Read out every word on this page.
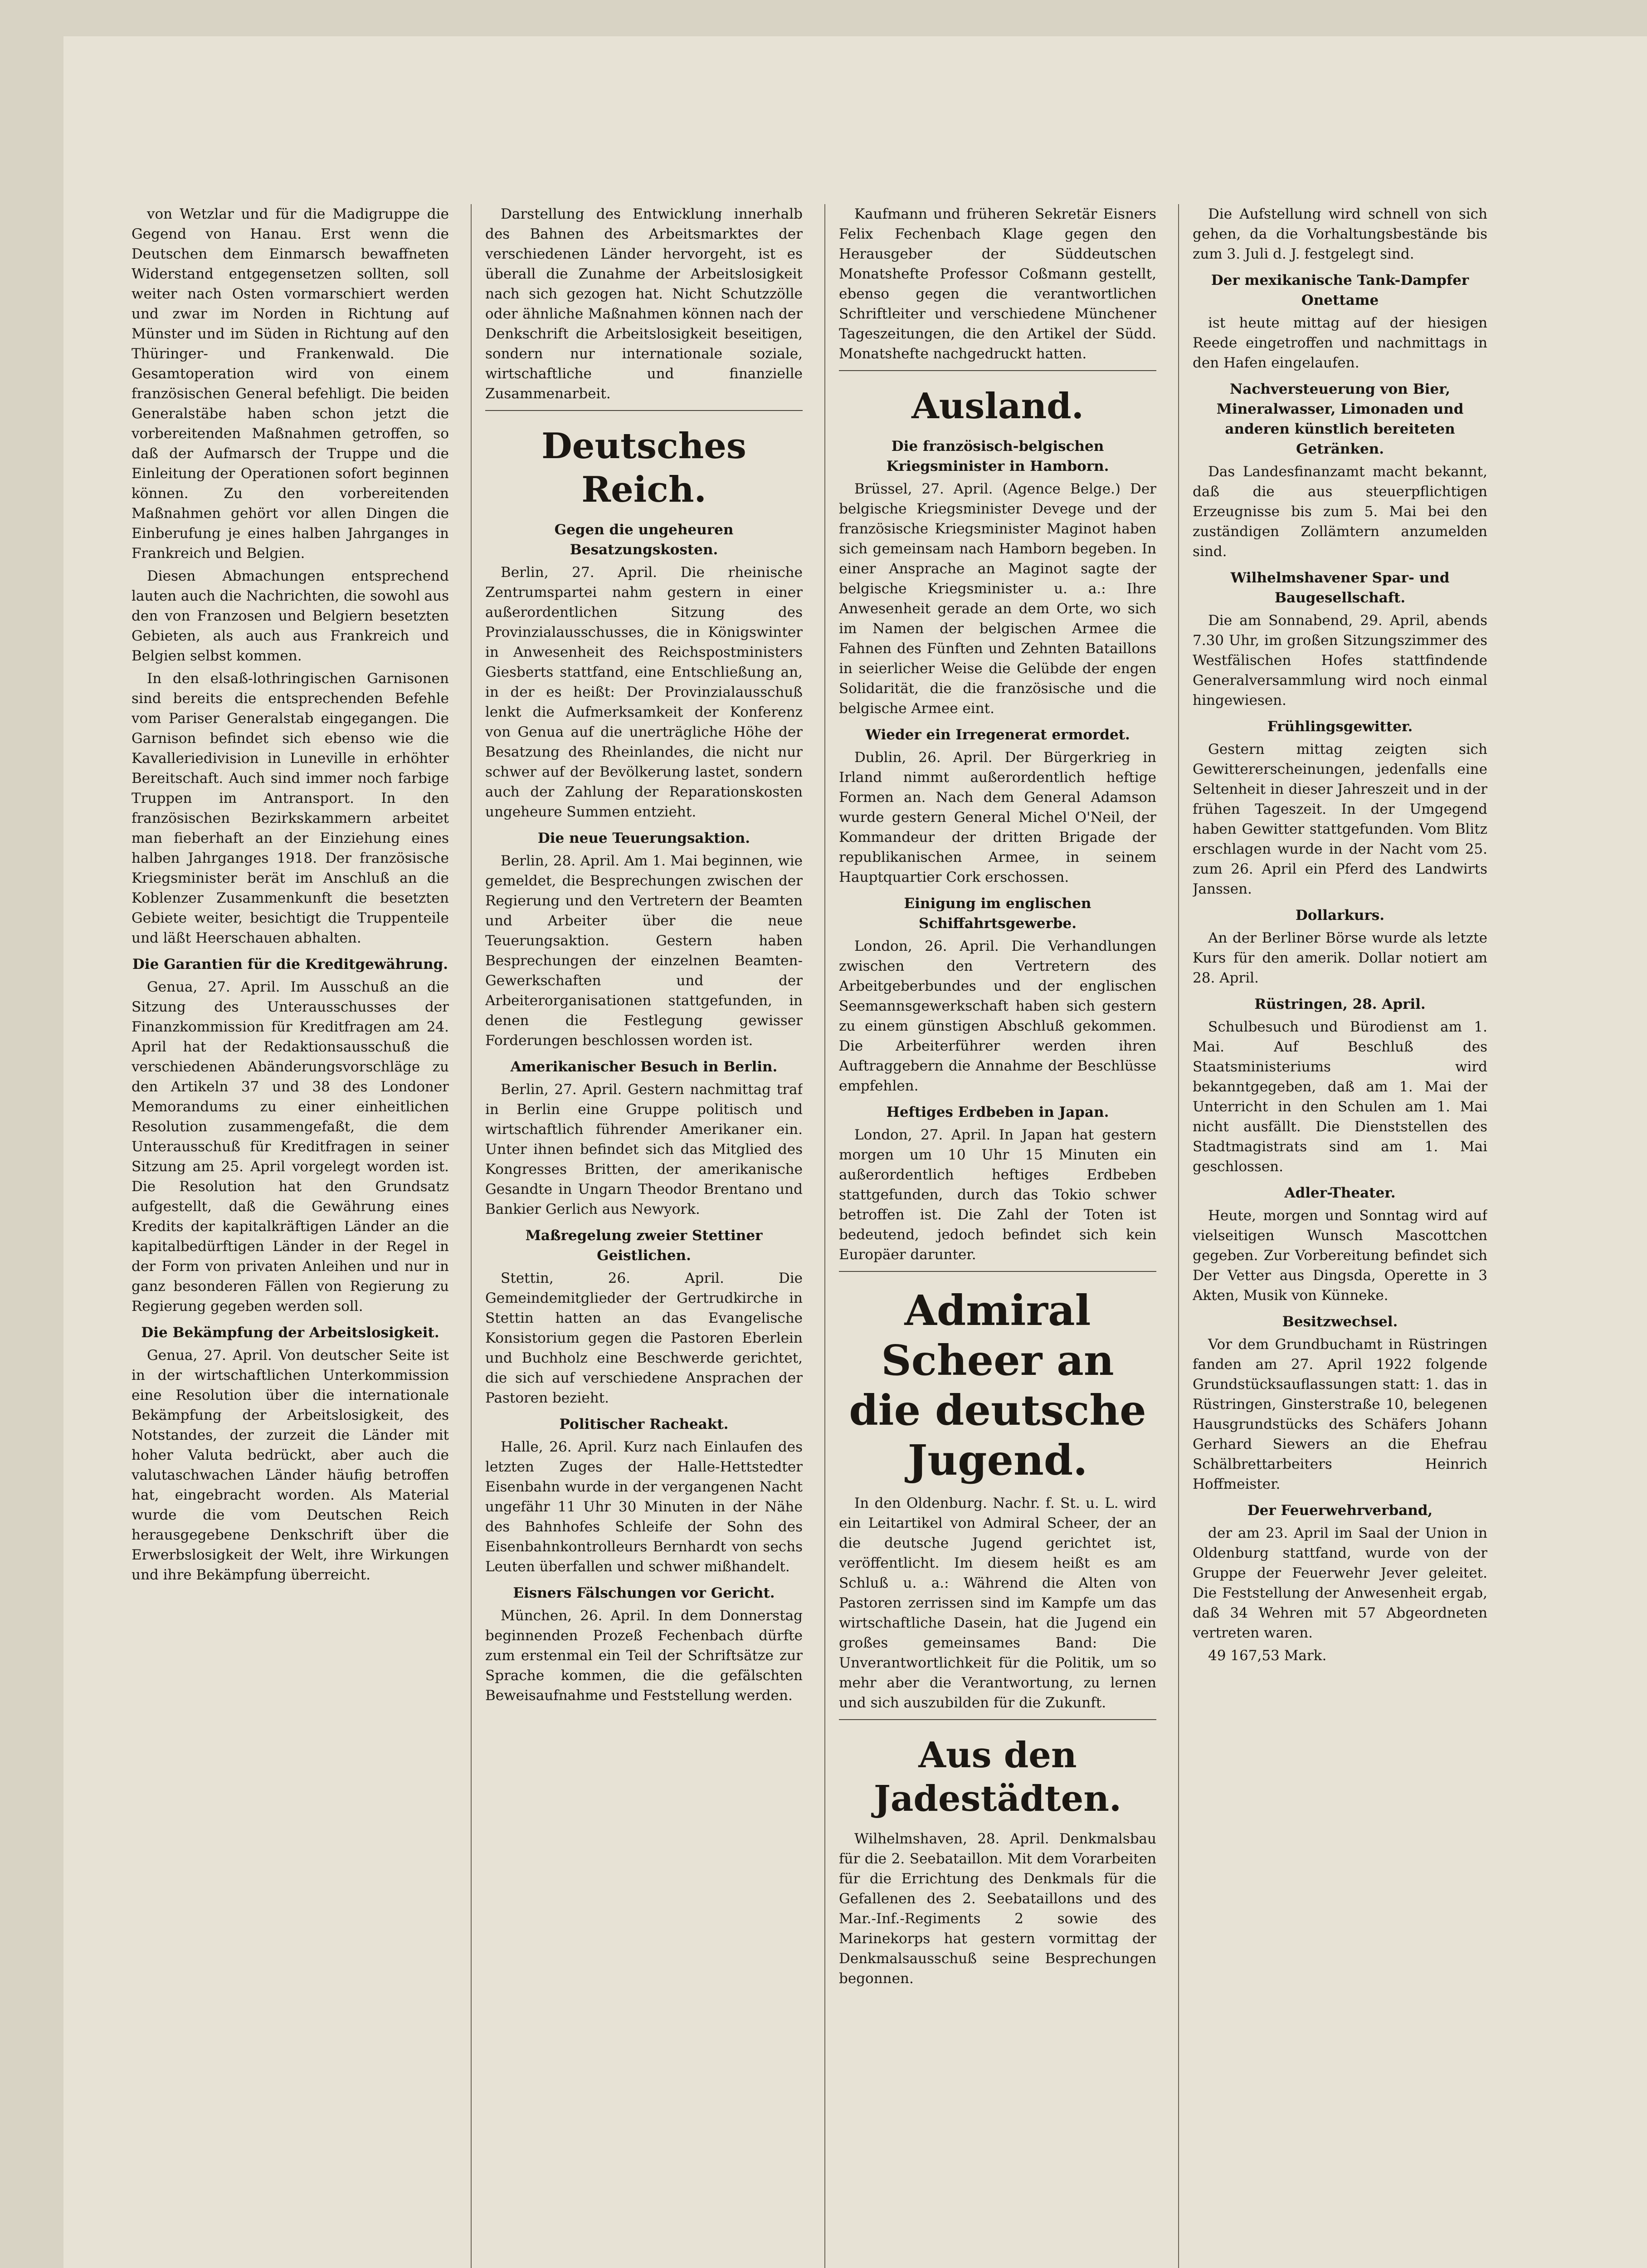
von Wetzlar und für die Madigruppe die Gegend von Hanau. Erst wenn die Deutschen dem Einmarsch bewaffneten Widerstand entgegensetzen sollten, soll weiter nach Osten vormarschiert werden und zwar im Norden in Richtung auf Münster und im Süden in Richtung auf den Thüringer- und Frankenwald. Die Gesamtoperation wird von einem französischen General befehligt. Die beiden Generalstäbe haben schon jetzt die vorbereitenden Maßnahmen getroffen, so daß der Aufmarsch der Truppe und die Einleitung der Operationen sofort beginnen können. Zu den vorbereitenden Maßnahmen gehört vor allen Dingen die Einberufung je eines halben Jahrganges in Frankreich und Belgien.

Diesen Abmachungen entsprechend lauten auch die Nachrichten, die sowohl aus den von Franzosen und Belgiern besetzten Gebieten, als auch aus Frankreich und Belgien selbst kommen.

In den elsaß-lothringischen Garnisonen sind bereits die entsprechenden Befehle vom Pariser Generalstab eingegangen. Die Garnison befindet sich ebenso wie die Kavalleriedivision in Luneville in erhöhter Bereitschaft. Auch sind immer noch farbige Truppen im Antransport. In den französischen Bezirkskammern arbeitet man fieberhaft an der Einziehung eines halben Jahrganges 1918. Der französische Kriegsminister berät im Anschluß an die Koblenzer Zusammenkunft die besetzten Gebiete weiter, besichtigt die Truppenteile und läßt Heerschauen abhalten.

Die Garantien für die Kreditgewährung.

Genua, 27. April. Im Ausschuß an die Sitzung des Unterausschusses der Finanzkommission für Kreditfragen am 24. April hat der Redaktionsausschuß die verschiedenen Abänderungsvorschläge zu den Artikeln 37 und 38 des Londoner Memorandums zu einer einheitlichen Resolution zusammengefaßt, die dem Unterausschuß für Kreditfragen in seiner Sitzung am 25. April vorgelegt worden ist. Die Resolution hat den Grundsatz aufgestellt, daß die Gewährung eines Kredits der kapitalkräftigen Länder an die kapitalbedürftigen Länder in der Regel in der Form von privaten Anleihen und nur in ganz besonderen Fällen von Regierung zu Regierung gegeben werden soll.

Die Bekämpfung der Arbeitslosigkeit.

Genua, 27. April. Von deutscher Seite ist in der wirtschaftlichen Unterkommission eine Resolution über die internationale Bekämpfung der Arbeitslosigkeit, des Notstandes, der zurzeit die Länder mit hoher Valuta bedrückt, aber auch die valutaschwachen Länder häufig betroffen hat, eingebracht worden. Als Material wurde die vom Deutschen Reich herausgegebene Denkschrift über die Erwerbslosigkeit der Welt, ihre Wirkungen und ihre Bekämpfung überreicht.

Darstellung des Entwicklung innerhalb des Bahnen des Arbeitsmarktes der verschiedenen Länder hervorgeht, ist es überall die Zunahme der Arbeitslosigkeit nach sich gezogen hat. Nicht Schutzzölle oder ähnliche Maßnahmen können nach der Denkschrift die Arbeitslosigkeit beseitigen, sondern nur internationale soziale, wirtschaftliche und finanzielle Zusammenarbeit.

Deutsches Reich.
Gegen die ungeheuren Besatzungskosten.

Berlin, 27. April. Die rheinische Zentrumspartei nahm gestern in einer außerordentlichen Sitzung des Provinzialausschusses, die in Königswinter in Anwesenheit des Reichspostministers Giesberts stattfand, eine Entschließung an, in der es heißt: Der Provinzialausschuß lenkt die Aufmerksamkeit der Konferenz von Genua auf die unerträgliche Höhe der Besatzung des Rheinlandes, die nicht nur schwer auf der Bevölkerung lastet, sondern auch der Zahlung der Reparationskosten ungeheure Summen entzieht.

Die neue Teuerungsaktion.

Berlin, 28. April. Am 1. Mai beginnen, wie gemeldet, die Besprechungen zwischen der Regierung und den Vertretern der Beamten und Arbeiter über die neue Teuerungsaktion. Gestern haben Besprechungen der einzelnen Beamten-Gewerkschaften und der Arbeiterorganisationen stattgefunden, in denen die Festlegung gewisser Forderungen beschlossen worden ist.

Amerikanischer Besuch in Berlin.

Berlin, 27. April. Gestern nachmittag traf in Berlin eine Gruppe politisch und wirtschaftlich führender Amerikaner ein. Unter ihnen befindet sich das Mitglied des Kongresses Britten, der amerikanische Gesandte in Ungarn Theodor Brentano und Bankier Gerlich aus Newyork.

Maßregelung zweier Stettiner Geistlichen.

Stettin, 26. April. Die Gemeindemitglieder der Gertrudkirche in Stettin hatten an das Evangelische Konsistorium gegen die Pastoren Eberlein und Buchholz eine Beschwerde gerichtet, die sich auf verschiedene Ansprachen der Pastoren bezieht.

Politischer Racheakt.

Halle, 26. April. Kurz nach Einlaufen des letzten Zuges der Halle-Hettstedter Eisenbahn wurde in der vergangenen Nacht ungefähr 11 Uhr 30 Minuten in der Nähe des Bahnhofes Schleife der Sohn des Eisenbahnkontrolleurs Bernhardt von sechs Leuten überfallen und schwer mißhandelt.

Eisners Fälschungen vor Gericht.

München, 26. April. In dem Donnerstag beginnenden Prozeß Fechenbach dürfte zum erstenmal ein Teil der Schriftsätze zur Sprache kommen, die die gefälschten Beweisaufnahme und Feststellung werden.

Kaufmann und früheren Sekretär Eisners Felix Fechenbach Klage gegen den Herausgeber der Süddeutschen Monatshefte Professor Coßmann gestellt, ebenso gegen die verantwortlichen Schriftleiter und verschiedene Münchener Tageszeitungen, die den Artikel der Südd. Monatshefte nachgedruckt hatten.

Ausland.
Die französisch-belgischen Kriegsminister in Hamborn.

Brüssel, 27. April. (Agence Belge.) Der belgische Kriegsminister Devege und der französische Kriegsminister Maginot haben sich gemeinsam nach Hamborn begeben. In einer Ansprache an Maginot sagte der belgische Kriegsminister u. a.: Ihre Anwesenheit gerade an dem Orte, wo sich im Namen der belgischen Armee die Fahnen des Fünften und Zehnten Bataillons in seierlicher Weise die Gelübde der engen Solidarität, die die französische und die belgische Armee eint.

Wieder ein Irregenerat ermordet.

Dublin, 26. April. Der Bürgerkrieg in Irland nimmt außerordentlich heftige Formen an. Nach dem General Adamson wurde gestern General Michel O'Neil, der Kommandeur der dritten Brigade der republikanischen Armee, in seinem Hauptquartier Cork erschossen.

Einigung im englischen Schiffahrtsgewerbe.

London, 26. April. Die Verhandlungen zwischen den Vertretern des Arbeitgeberbundes und der englischen Seemannsgewerkschaft haben sich gestern zu einem günstigen Abschluß gekommen. Die Arbeiterführer werden ihren Auftraggebern die Annahme der Beschlüsse empfehlen.

Heftiges Erdbeben in Japan.

London, 27. April. In Japan hat gestern morgen um 10 Uhr 15 Minuten ein außerordentlich heftiges Erdbeben stattgefunden, durch das Tokio schwer betroffen ist. Die Zahl der Toten ist bedeutend, jedoch befindet sich kein Europäer darunter.

Admiral Scheer an die deutsche Jugend.

In den Oldenburg. Nachr. f. St. u. L. wird ein Leitartikel von Admiral Scheer, der an die deutsche Jugend gerichtet ist, veröffentlicht. Im diesem heißt es am Schluß u. a.: Während die Alten von Pastoren zerrissen sind im Kampfe um das wirtschaftliche Dasein, hat die Jugend ein großes gemeinsames Band: Die Unverantwortlichkeit für die Politik, um so mehr aber die Verantwortung, zu lernen und sich auszubilden für die Zukunft.

Aus den Jadestädten.

Wilhelmshaven, 28. April. Denkmalsbau für die 2. Seebataillon. Mit dem Vorarbeiten für die Errichtung des Denkmals für die Gefallenen des 2. Seebataillons und des Mar.-Inf.-Regiments 2 sowie des Marinekorps hat gestern vormittag der Denkmalsausschuß seine Besprechungen begonnen.

Die Aufstellung wird schnell von sich gehen, da die Vorhaltungsbestände bis zum 3. Juli d. J. festgelegt sind.

Der mexikanische Tank-Dampfer Onettame

ist heute mittag auf der hiesigen Reede eingetroffen und nachmittags in den Hafen eingelaufen.

Nachversteuerung von Bier, Mineralwasser, Limonaden und anderen künstlich bereiteten Getränken.

Das Landesfinanzamt macht bekannt, daß die aus steuerpflichtigen Erzeugnisse bis zum 5. Mai bei den zuständigen Zollämtern anzumelden sind.

Wilhelmshavener Spar- und Baugesellschaft.

Die am Sonnabend, 29. April, abends 7.30 Uhr, im großen Sitzungszimmer des Westfälischen Hofes stattfindende Generalversammlung wird noch einmal hingewiesen.

Frühlingsgewitter.

Gestern mittag zeigten sich Gewittererscheinungen, jedenfalls eine Seltenheit in dieser Jahreszeit und in der frühen Tageszeit. In der Umgegend haben Gewitter stattgefunden. Vom Blitz erschlagen wurde in der Nacht vom 25. zum 26. April ein Pferd des Landwirts Janssen.

Dollarkurs.

An der Berliner Börse wurde als letzte Kurs für den amerik. Dollar notiert am 28. April.

Rüstringen, 28. April.

Schulbesuch und Bürodienst am 1. Mai. Auf Beschluß des Staatsministeriums wird bekanntgegeben, daß am 1. Mai der Unterricht in den Schulen am 1. Mai nicht ausfällt. Die Dienststellen des Stadtmagistrats sind am 1. Mai geschlossen.

Adler-Theater.

Heute, morgen und Sonntag wird auf vielseitigen Wunsch Mascottchen gegeben. Zur Vorbereitung befindet sich Der Vetter aus Dingsda, Operette in 3 Akten, Musik von Künneke.

Besitzwechsel.

Vor dem Grundbuchamt in Rüstringen fanden am 27. April 1922 folgende Grundstücksauflassungen statt: 1. das in Rüstringen, Ginsterstraße 10, belegenen Hausgrundstücks des Schäfers Johann Gerhard Siewers an die Ehefrau Schälbrettarbeiters Heinrich Hoffmeister.

Der Feuerwehrverband,

der am 23. April im Saal der Union in Oldenburg stattfand, wurde von der Gruppe der Feuerwehr Jever geleitet. Die Feststellung der Anwesenheit ergab, daß 34 Wehren mit 57 Abgeordneten vertreten waren.

49 167,53 Mark.
